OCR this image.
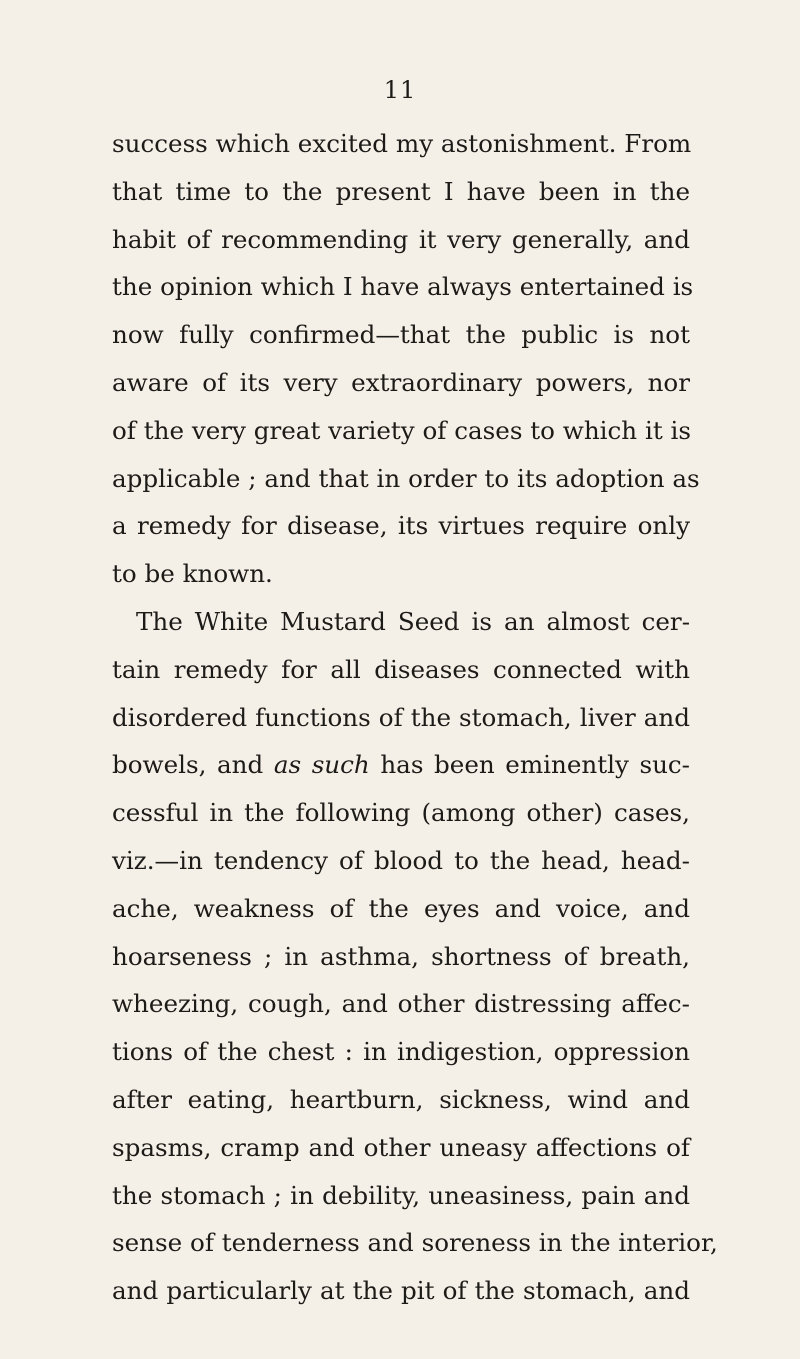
11
success which excited my astonishment. From
that time to the present I have been in the
habit of recommending it very generally, and
the opinion which I have always entertained is
now fully confirmed—that the public is not
aware of its very extraordinary powers, nor
of the very great variety of cases to which it is
applicable ; and that in order to its adoption as
a remedy for disease, its virtues require only
to be known.
The White Mustard Seed is an almost cer-
tain remedy for all diseases connected with
disordered functions of the stomach, liver and
bowels, and as such has been eminently suc-
cessful in the following (among other) cases,
viz.—in tendency of blood to the head, head-
ache, weakness of the eyes and voice, and
hoarseness ; in asthma, shortness of breath,
wheezing, cough, and other distressing affec-
tions of the chest : in indigestion, oppression
after eating, heartburn, sickness, wind and
spasms, cramp and other uneasy affections of
the stomach ; in debility, uneasiness, pain and
sense of tenderness and soreness in the interior,
and particularly at the pit of the stomach, and
